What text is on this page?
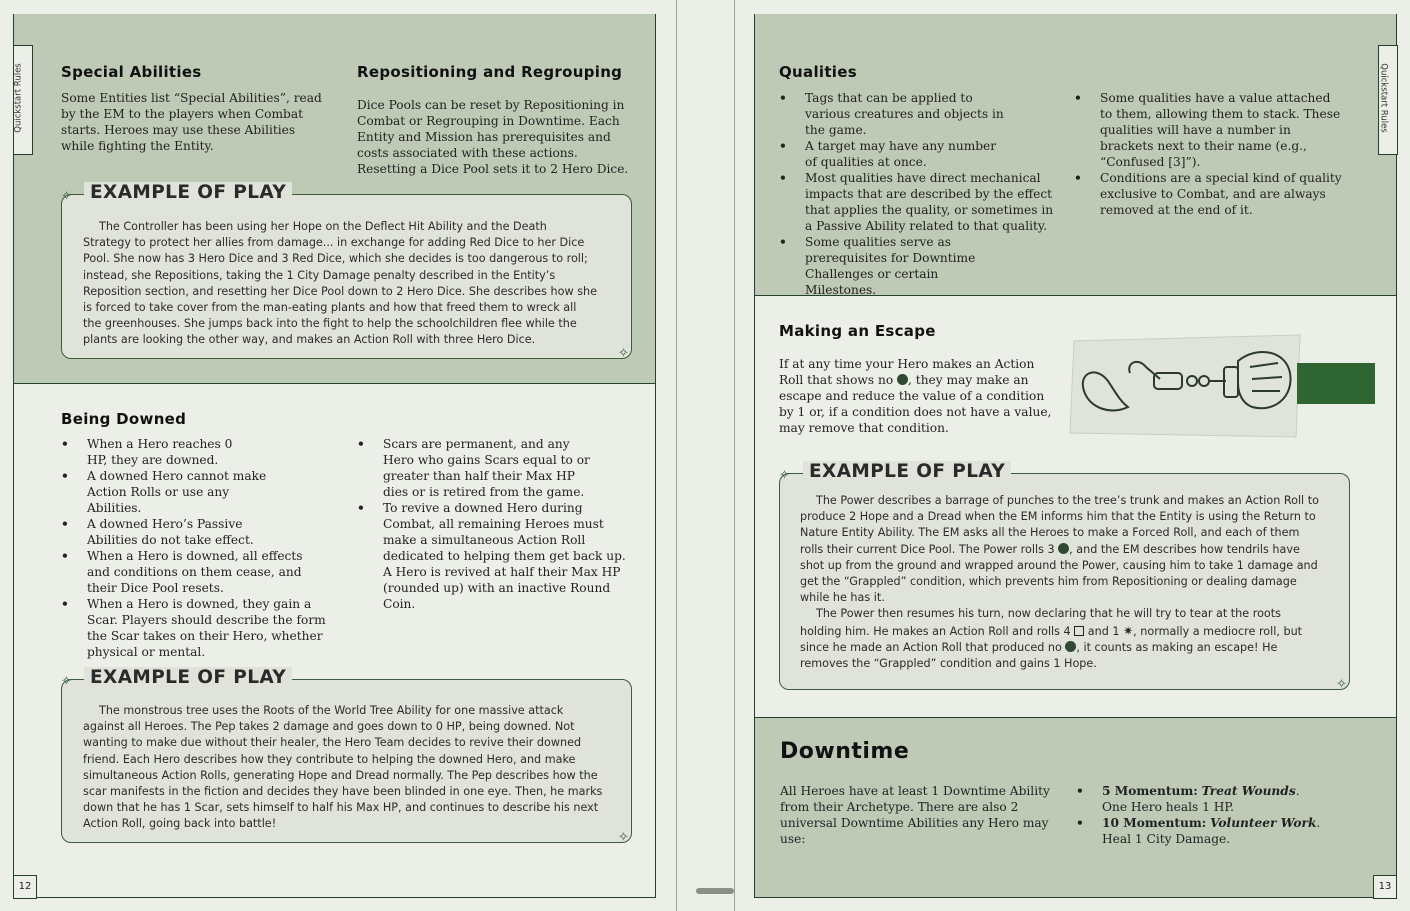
Quickstart Rules Special Abilities

Some Entities list “Special Abilities”, read by the EM to the players when Combat starts. Heroes may use these Abilities while fighting the Entity.

Repositioning and Regrouping

Dice Pools can be reset by Repositioning in Combat or Regrouping in Downtime. Each Entity and Mission has prerequisites and costs associated with these actions. Resetting a Dice Pool sets it to 2 Hero Dice.

EXAMPLE OF PLAY
✧
✧

The Controller has been using her Hope on the Deflect Hit Ability and the Death Strategy to protect her allies from damage... in exchange for adding Red Dice to her Dice Pool. She now has 3 Hero Dice and 3 Red Dice, which she decides is too dangerous to roll; instead, she Repositions, taking the 1 City Damage penalty described in the Entity’s Reposition section, and resetting her Dice Pool down to 2 Hero Dice. She describes how she is forced to take cover from the man-eating plants and how that freed them to wreck all the greenhouses. She jumps back into the fight to help the schoolchildren flee while the plants are looking the other way, and makes an Action Roll with three Hero Dice.

Being Downed
• When a Hero reaches 0 HP, they are downed.
• A downed Hero cannot make Action Rolls or use any Abilities.
• A downed Hero’s Passive Abilities do not take effect.
• When a Hero is downed, all effects and conditions on them cease, and their Dice Pool resets.
• When a Hero is downed, they gain a Scar. Players should describe the form the Scar takes on their Hero, whether physical or mental.
• Scars are permanent, and any Hero who gains Scars equal to or greater than half their Max HP dies or is retired from the game.
• To revive a downed Hero during Combat, all remaining Heroes must make a simultaneous Action Roll dedicated to helping them get back up. A Hero is revived at half their Max HP (rounded up) with an inactive Round Coin.
EXAMPLE OF PLAY
✧
✧

The monstrous tree uses the Roots of the World Tree Ability for one massive attack against all Heroes. The Pep takes 2 damage and goes down to 0 HP, being downed. Not wanting to make due without their healer, the Hero Team decides to revive their downed friend. Each Hero describes how they contribute to helping the downed Hero, and make simultaneous Action Rolls, generating Hope and Dread normally. The Pep describes how the scar manifests in the fiction and decides they have been blinded in one eye. Then, he marks down that he has 1 Scar, sets himself to half his Max HP, and continues to describe his next Action Roll, going back into battle!

12
Quickstart Rules
Qualities
• Tags that can be applied to various creatures and objects in the game.
• A target may have any number of qualities at once.
• Most qualities have direct mechanical impacts that are described by the effect that applies the quality, or sometimes in a Passive Ability related to that quality.
• Some qualities serve as prerequisites for Downtime Challenges or certain Milestones.
• Some qualities have a value attached to them, allowing them to stack. These qualities will have a number in brackets next to their name (e.g., “Confused [3]”).
• Conditions are a special kind of quality exclusive to Combat, and are always removed at the end of it.
Making an Escape

If at any time your Hero makes an Action Roll that shows no , they may make an escape and reduce the value of a condition by 1 or, if a condition does not have a value, may remove that condition.

EXAMPLE OF PLAY
✧
✧

The Power describes a barrage of punches to the tree’s trunk and makes an Action Roll to produce 2 Hope and a Dread when the EM informs him that the Entity is using the Return to Nature Entity Ability. The EM asks all the Heroes to make a Forced Roll, and each of them rolls their current Dice Pool. The Power rolls 3 , and the EM describes how tendrils have shot up from the ground and wrapped around the Power, causing him to take 1 damage and get the “Grappled” condition, which prevents him from Repositioning or dealing damage while he has it.

The Power then resumes his turn, now declaring that he will try to tear at the roots holding him. He makes an Action Roll and rolls 4 and 1 ✷, normally a mediocre roll, but since he made an Action Roll that produced no , it counts as making an escape! He removes the “Grappled” condition and gains 1 Hope.

Downtime

All Heroes have at least 1 Downtime Ability from their Archetype. There are also 2 universal Downtime Abilities any Hero may use:

• 5 Momentum: Treat Wounds.
One Hero heals 1 HP.
• 10 Momentum: Volunteer Work.
Heal 1 City Damage.
13
